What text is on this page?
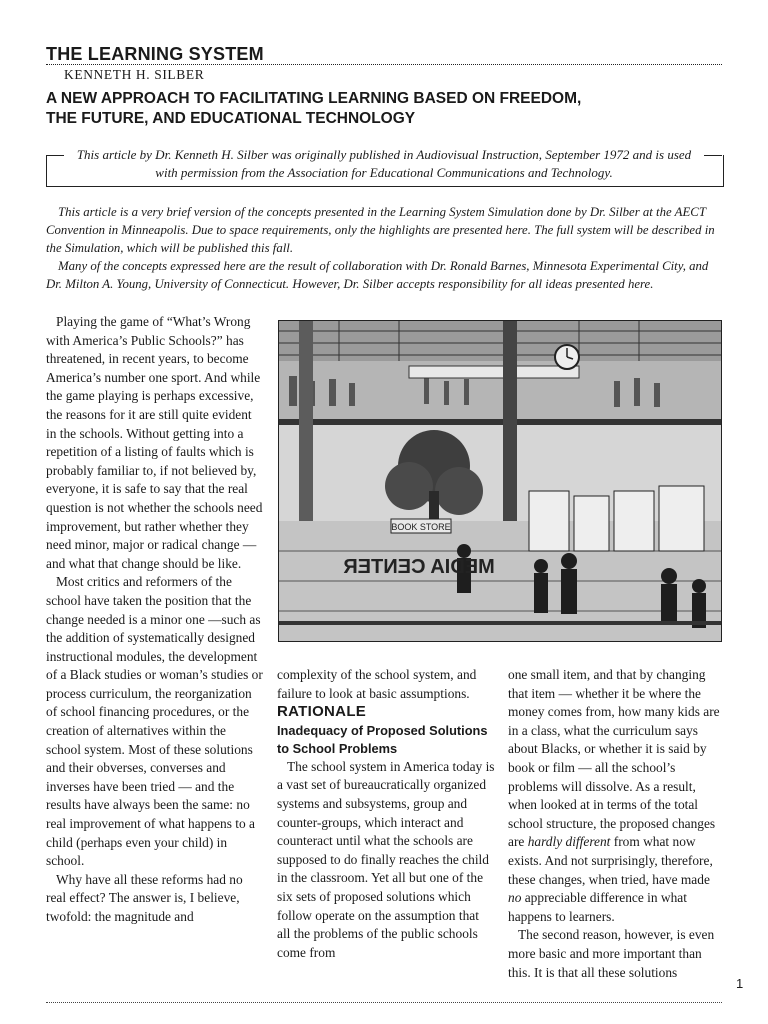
THE LEARNING SYSTEM
KENNETH H. SILBER
A NEW APPROACH TO FACILITATING LEARNING BASED ON FREEDOM,
THE FUTURE, AND EDUCATIONAL TECHNOLOGY
This article by Dr. Kenneth H. Silber was originally published in Audiovisual Instruction, September 1972 and is used
with permission from the Association for Educational Communications and Technology.

This article is a very brief version of the concepts presented in the Learning System Simulation done by Dr. Silber at the AECT Convention in Minneapolis. Due to space requirements, only the highlights are presented here. The full system will be described in the Simulation, which will be published this fall.

Many of the concepts expressed here are the result of collaboration with Dr. Ronald Barnes, Minnesota Experimental City, and Dr. Milton A. Young, University of Connecticut. However, Dr. Silber accepts responsibility for all ideas presented here.

Playing the game of “What’s Wrong with America’s Public Schools?” has threatened, in recent years, to become America’s number one sport. And while the game playing is perhaps excessive, the reasons for it are still quite evident in the schools. Without getting into a repetition of a listing of faults which is probably familiar to, if not believed by, everyone, it is safe to say that the real question is not whether the schools need improvement, but rather whether they need minor, major or radical change — and what that change should be like.

Most critics and reformers of the school have taken the position that the change needed is a minor one —such as the addition of systematically designed instructional modules, the development of a Black studies or woman’s studies or process curriculum, the reorganization of school financing procedures, or the creation of alternatives within the school system. Most of these solutions and their obverses, converses and inverses have been tried — and the results have always been the same: no real improvement of what happens to a child (perhaps even your child) in school.

Why have all these reforms had no real effect? The answer is, I believe, twofold: the magnitude and

BOOK STORE
MEDIA CENTER

complexity of the school system, and failure to look at basic assumptions.

RATIONALE

Inadequacy of Proposed Solutions to School Problems

The school system in America today is a vast set of bureaucratically organized systems and subsystems, group and counter-groups, which interact and counteract until what the schools are supposed to do finally reaches the child in the classroom. Yet all but one of the six sets of proposed solutions which follow operate on the assumption that all the problems of the public schools come from

one small item, and that by changing that item — whether it be where the money comes from, how many kids are in a class, what the curriculum says about Blacks, or whether it is said by book or film — all the school’s problems will dissolve. As a result, when looked at in terms of the total school structure, the proposed changes are hardly different from what now exists. And not surprisingly, therefore, these changes, when tried, have made no appreciable difference in what happens to learners.

The second reason, however, is even more basic and more important than this. It is that all these solutions

1
